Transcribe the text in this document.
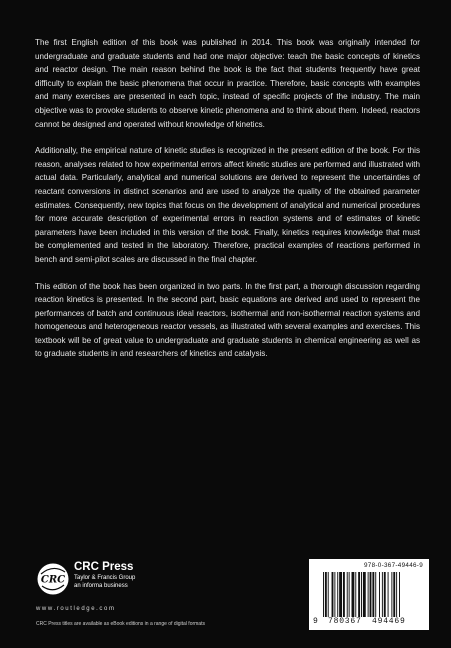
The first English edition of this book was published in 2014. This book was originally intended for undergraduate and graduate students and had one major objective: teach the basic concepts of kinetics and reactor design. The main reason behind the book is the fact that students frequently have great difficulty to explain the basic phenomena that occur in practice. Therefore, basic concepts with examples and many exercises are presented in each topic, instead of specific projects of the industry. The main objective was to provoke students to observe kinetic phenomena and to think about them. Indeed, reactors cannot be designed and operated without knowledge of kinetics.

Additionally, the empirical nature of kinetic studies is recognized in the present edition of the book. For this reason, analyses related to how experimental errors affect kinetic studies are performed and illustrated with actual data. Particularly, analytical and numerical solutions are derived to represent the uncertainties of reactant conversions in distinct scenarios and are used to analyze the quality of the obtained parameter estimates. Consequently, new topics that focus on the development of analytical and numerical procedures for more accurate description of experimental errors in reaction systems and of estimates of kinetic parameters have been included in this version of the book. Finally, kinetics requires knowledge that must be complemented and tested in the laboratory. Therefore, practical examples of reactions performed in bench and semi-pilot scales are discussed in the final chapter.

This edition of the book has been organized in two parts. In the first part, a thorough discussion regarding reaction kinetics is presented. In the second part, basic equations are derived and used to represent the performances of batch and continuous ideal reactors, isothermal and non-isothermal reaction systems and homogeneous and heterogeneous reactor vessels, as illustrated with several examples and exercises. This textbook will be of great value to undergraduate and graduate students in chemical engineering as well as to graduate students in and researchers of kinetics and catalysis.

CRC
CRC Press
Taylor & Francis Group
an informa business
www.routledge.com
CRC Press titles are available as eBook editions in a range of digital formats
978-0-367-49446-9
9 780367 494469
